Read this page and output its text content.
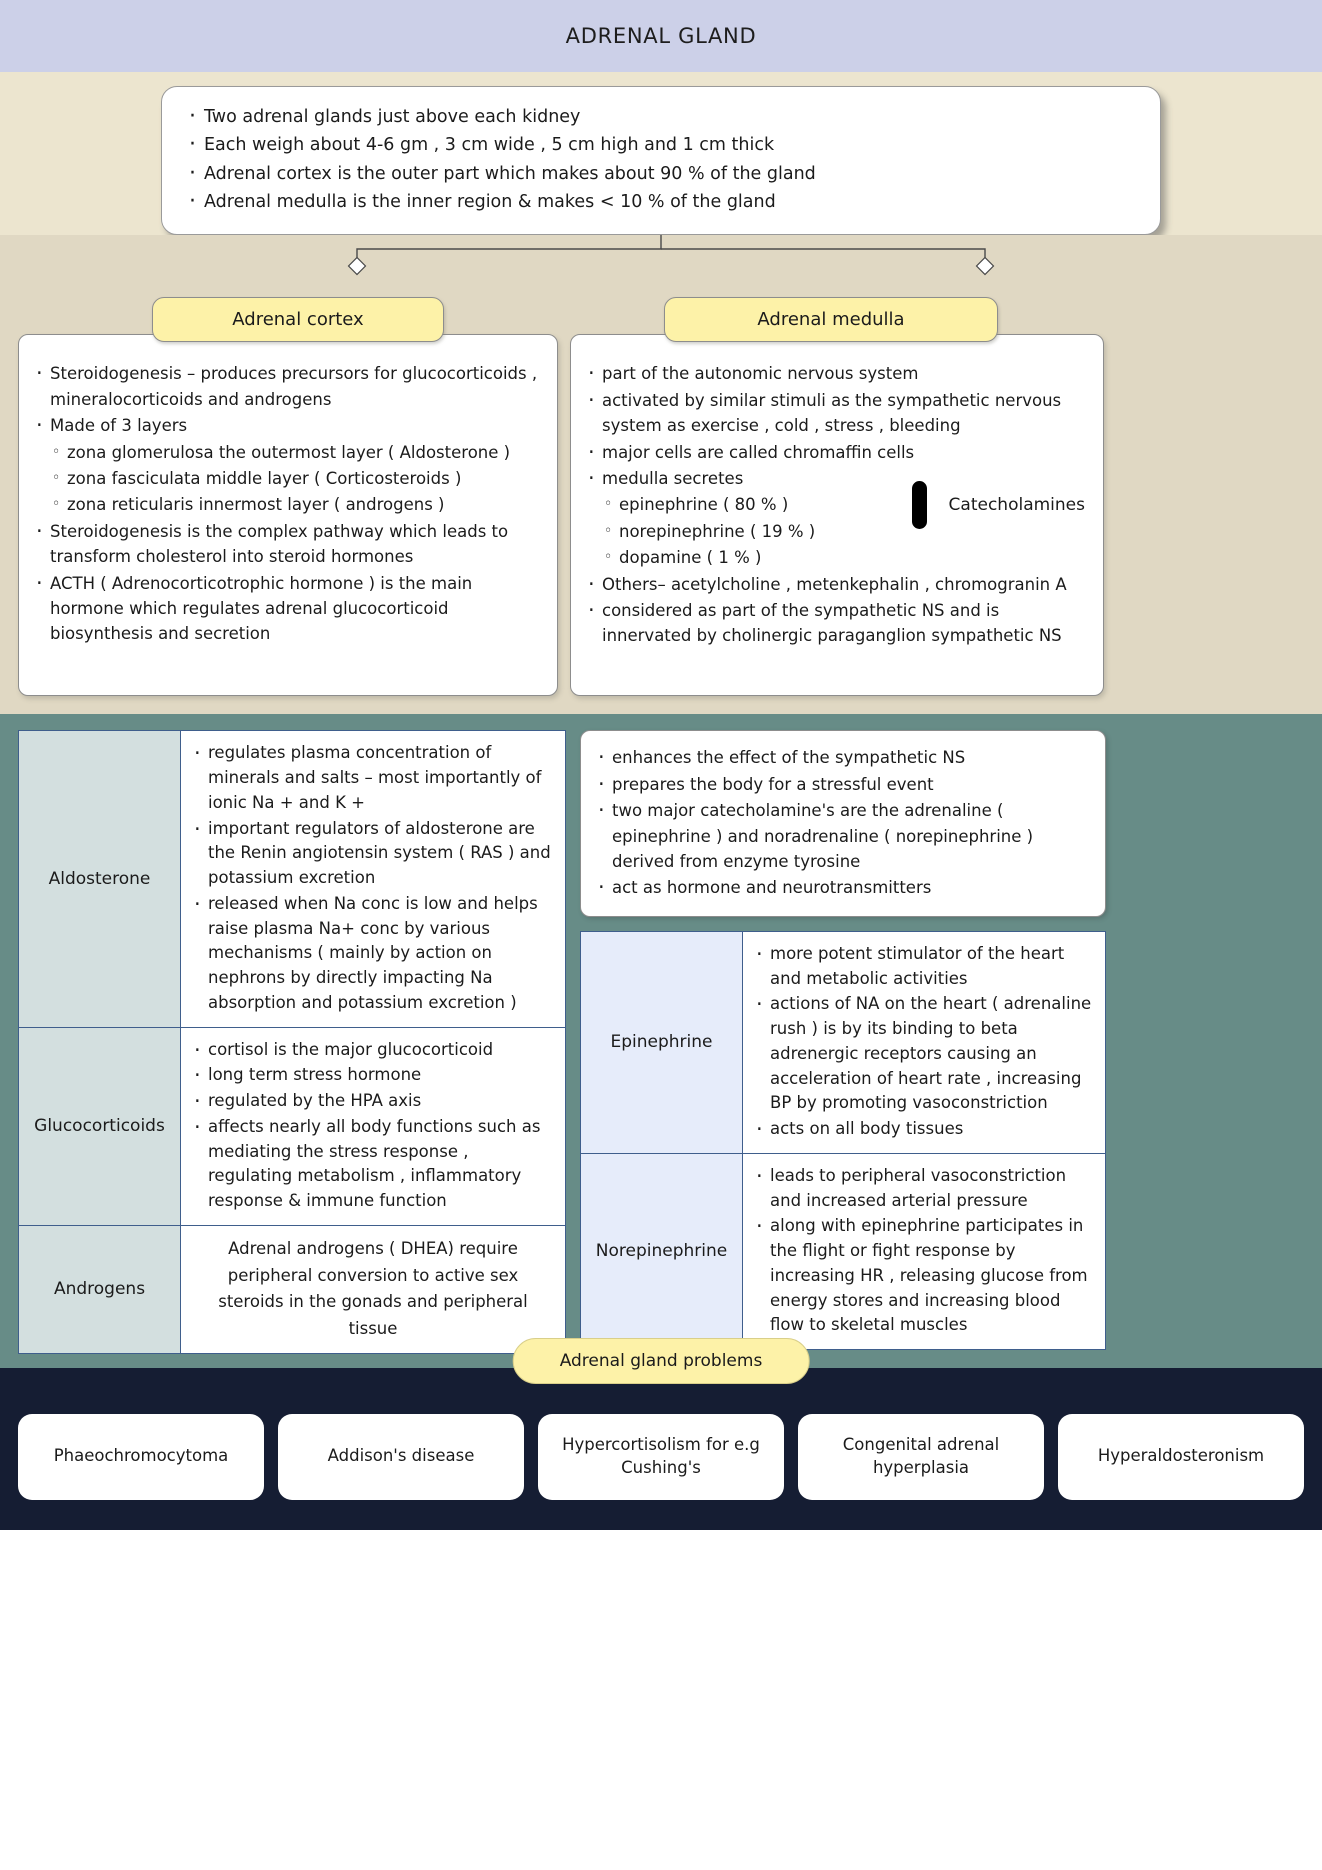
ADRENAL GLAND
· Two adrenal glands just above each kidney
· Each weigh about 4-6 gm , 3 cm wide , 5 cm high and 1 cm thick
· Adrenal cortex is the outer part which makes about 90 % of the gland
· Adrenal medulla is the inner region & makes < 10 % of the gland
Adrenal cortex
· Steroidogenesis – produces precursors for glucocorticoids , mineralocorticoids and androgens
· Made of 3 layers
◦ zona glomerulosa the outermost layer ( Aldosterone )
◦ zona fasciculata middle layer ( Corticosteroids )
◦ zona reticularis innermost layer ( androgens )
· Steroidogenesis is the complex pathway which leads to transform cholesterol into steroid hormones
· ACTH ( Adrenocorticotrophic hormone ) is the main hormone which regulates adrenal glucocorticoid biosynthesis and secretion
Adrenal medulla
· part of the autonomic nervous system
· activated by similar stimuli as the sympathetic nervous system as exercise , cold , stress , bleeding
· major cells are called chromaffin cells
· medulla secretes
◦ epinephrine ( 80 % )
◦ norepinephrine ( 19 % )
◦ dopamine ( 1 % )
· Others– acetylcholine , metenkephalin , chromogranin A
· considered as part of the sympathetic NS and is innervated by cholinergic paraganglion sympathetic NS
Catecholamines
Aldosterone	
· regulates plasma concentration of minerals and salts – most importantly of ionic Na + and K +
· important regulators of aldosterone are the Renin angiotensin system ( RAS ) and potassium excretion
· released when Na conc is low and helps raise plasma Na+ conc by various mechanisms ( mainly by action on nephrons by directly impacting Na absorption and potassium excretion )

Glucocorticoids	
· cortisol is the major glucocorticoid
· long term stress hormone
· regulated by the HPA axis
· affects nearly all body functions such as mediating the stress response , regulating metabolism , inflammatory response & immune function

Androgens	Adrenal androgens ( DHEA) require peripheral conversion to active sex steroids in the gonads and peripheral tissue
· enhances the effect of the sympathetic NS
· prepares the body for a stressful event
· two major catecholamine's are the adrenaline ( epinephrine ) and noradrenaline ( norepinephrine ) derived from enzyme tyrosine
· act as hormone and neurotransmitters
Epinephrine	
· more potent stimulator of the heart and metabolic activities
· actions of NA on the heart ( adrenaline rush ) is by its binding to beta adrenergic receptors causing an acceleration of heart rate , increasing BP by promoting vasoconstriction
· acts on all body tissues

Norepinephrine	
· leads to peripheral vasoconstriction and increased arterial pressure
· along with epinephrine participates in the flight or fight response by increasing HR , releasing glucose from energy stores and increasing blood flow to skeletal muscles
Adrenal gland problems
Phaeochromocytoma	Addison's disease
Hypercortisolism for e.g Cushing's
Congenital adrenal hyperplasia
Hyperaldosteronism
